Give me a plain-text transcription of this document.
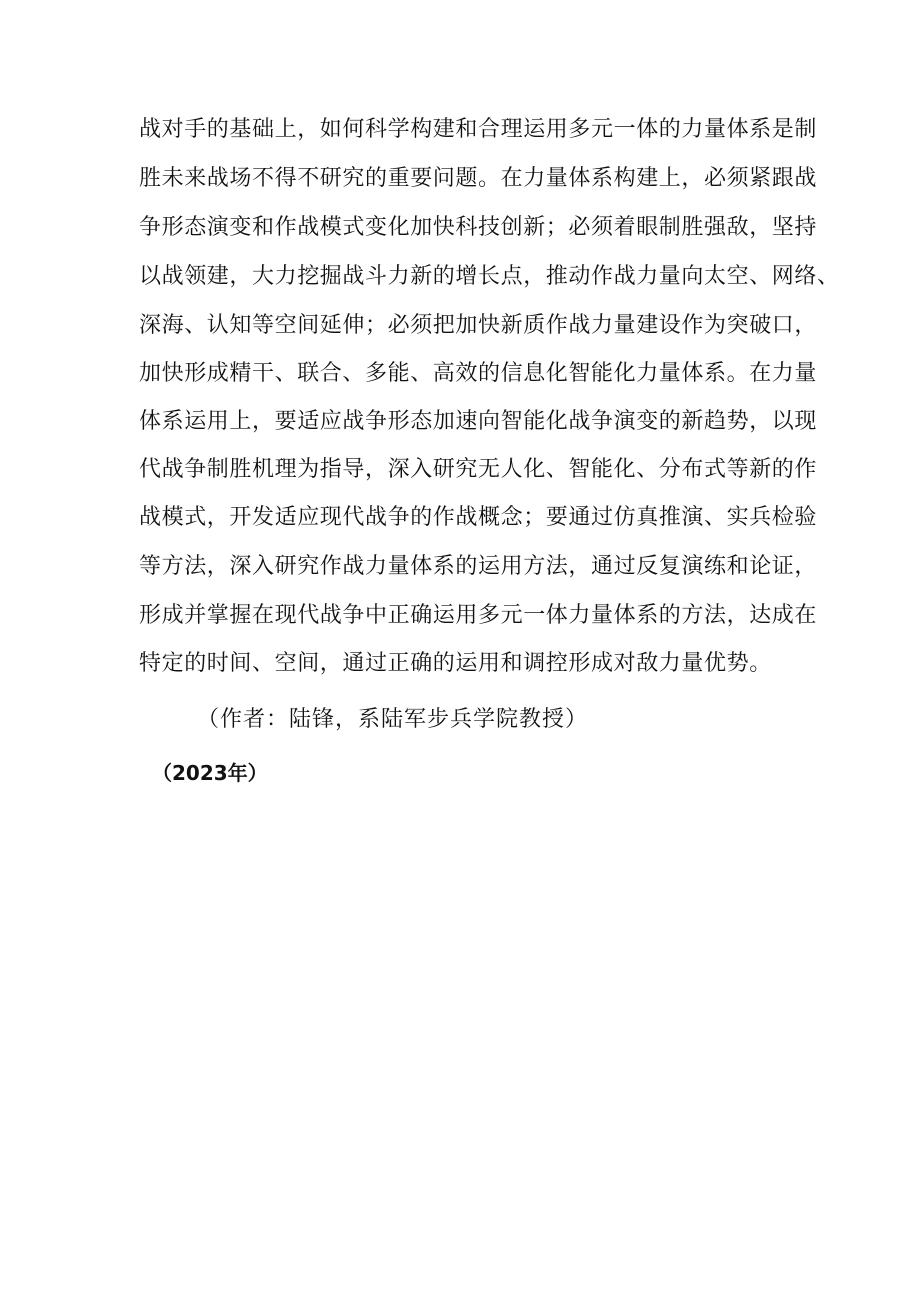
战对手的基础上，如何科学构建和合理运用多元一体的力量体系是制
胜未来战场不得不研究的重要问题。在力量体系构建上，必须紧跟战
争形态演变和作战模式变化加快科技创新；必须着眼制胜强敌，坚持
以战领建，大力挖掘战斗力新的增长点，推动作战力量向太空、网络、
深海、认知等空间延伸；必须把加快新质作战力量建设作为突破口，
加快形成精干、联合、多能、高效的信息化智能化力量体系。在力量
体系运用上，要适应战争形态加速向智能化战争演变的新趋势，以现
代战争制胜机理为指导，深入研究无人化、智能化、分布式等新的作
战模式，开发适应现代战争的作战概念；要通过仿真推演、实兵检验
等方法，深入研究作战力量体系的运用方法，通过反复演练和论证，
形成并掌握在现代战争中正确运用多元一体力量体系的方法，达成在
特定的时间、空间，通过正确的运用和调控形成对敌力量优势。
（作者：陆锋，系陆军步兵学院教授）
（2023年）
